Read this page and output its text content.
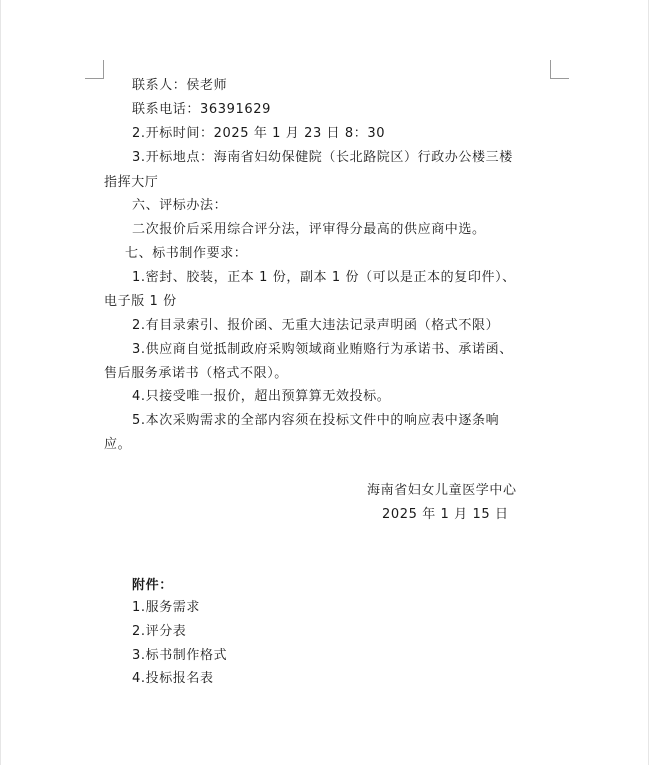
联系人：侯老师
联系电话：36391629
2.开标时间：2025 年 1 月 23 日 8：30
3.开标地点：海南省妇幼保健院（长北路院区）行政办公楼三楼
指挥大厅
六、评标办法：
二次报价后采用综合评分法，评审得分最高的供应商中选。
七、标书制作要求：
1.密封、胶装，正本 1 份，副本 1 份（可以是正本的复印件）、
电子版 1 份
2.有目录索引、报价函、无重大违法记录声明函（格式不限）
3.供应商自觉抵制政府采购领域商业贿赂行为承诺书、承诺函、
售后服务承诺书（格式不限）。
4.只接受唯一报价，超出预算算无效投标。
5.本次采购需求的全部内容须在投标文件中的响应表中逐条响
应。
海南省妇女儿童医学中心
2025 年 1 月 15 日
附件：
1.服务需求
2.评分表
3.标书制作格式
4.投标报名表
